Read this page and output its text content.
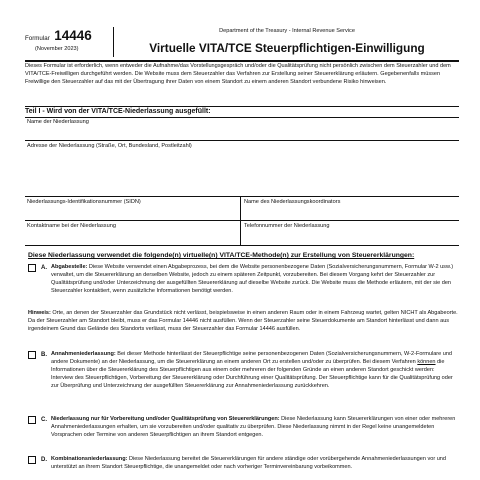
Formular 14446
(November 2023)
Department of the Treasury - Internal Revenue Service
Virtuelle VITA/TCE Steuerpflichtigen-Einwilligung
Dieses Formular ist erforderlich, wenn entweder die Aufnahme/das Vorstellungsgespräch und/oder die Qualitätsprüfung nicht persönlich zwischen dem Steuerzahler und dem VITA/TCE-Freiwilligen durchgeführt werden. Die Website muss dem Steuerzahler das Verfahren zur Erstellung seiner Steuererklärung erläutern. Gegebenenfalls müssen Freiwillige den Steuerzahler auf das mit der Übertragung ihrer Daten von einem Standort zu einem anderen Standort verbundene Risiko hinweisen.
Teil I - Wird von der VITA/TCE-Niederlassung ausgefüllt:
Name der Niederlassung
Adresse der Niederlassung (Straße, Ort, Bundesland, Postleitzahl)
Niederlassungs-Identifikationsnummer (SIDN)	Name des Niederlassungskoordinators
Kontaktname bei der Niederlassung	Telefonnummer der Niederlassung
Diese Niederlassung verwendet die folgende(n) virtuelle(n) VITA/TCE-Methode(n) zur Erstellung von Steuererklärungen:
A. Abgabestelle: Diese Website verwendet einen Abgabeprozess, bei dem die Website personenbezogene Daten (Sozialversicherungsnummern, Formular W-2 usw.) verwaltet, um die Steuererklärung an derselben Website, jedoch zu einem späteren Zeitpunkt, vorzubereiten. Bei diesem Vorgang kehrt der Steuerzahler zur Qualitätsprüfung und/oder Unterzeichnung der ausgefüllten Steuererklärung auf dieselbe Website zurück. Die Website muss die Methode erläutern, mit der sie den Steuerzahler kontaktiert, wenn zusätzliche Informationen benötigt werden.
Hinweis: Orte, an denen der Steuerzahler das Grundstück nicht verlässt, beispielsweise in einen anderen Raum oder in einem Fahrzeug wartet, gelten NICHT als Abgabeorte. Da der Steuerzahler am Standort bleibt, muss er das Formular 14446 nicht ausfüllen. Wenn der Steuerzahler seine Steuerdokumente am Standort hinterlässt und dann aus irgendeinem Grund das Gelände des Standorts verlässt, muss der Steuerzahler das Formular 14446 ausfüllen.
B. Annahmeniederlassung: Bei dieser Methode hinterlässt der Steuerpflichtige seine personenbezogenen Daten (Sozialversicherungsnummern, W-2-Formulare und andere Dokumente) an der Niederlassung, um die Steuererklärung an einem anderen Ort zu erstellen und/oder zu überprüfen. Bei diesem Verfahren können die Informationen über die Steuererklärung des Steuerpflichtigen aus einem oder mehreren der folgenden Gründe an einen anderen Standort geschickt werden: Interview des Steuerpflichtigen, Vorbereitung der Steuererklärung oder Durchführung einer Qualitätsprüfung. Der Steuerpflichtige kann für die Qualitätsprüfung oder zur Überprüfung und Unterzeichnung der ausgefüllten Steuererklärung zur Annahmeniederlassung zurückkehren.
C. Niederlassung nur für Vorbereitung und/oder Qualitätsprüfung von Steuererklärungen: Diese Niederlassung kann Steuererklärungen von einer oder mehreren Annahmeniederlassungen erhalten, um sie vorzubereiten und/oder qualitativ zu überprüfen. Diese Niederlassung nimmt in der Regel keine unangemeldeten Vorsprachen oder Termine von anderen Steuerpflichtigen an ihrem Standort entgegen.
D. Kombinationsniederlassung: Diese Niederlassung bereitet die Steuererklärungen für andere ständige oder vorübergehende Annahmeniederlassungen vor und unterstützt an ihrem Standort Steuerpflichtige, die unangemeldet oder nach vorheriger Terminvereinbarung vorbeikommen.
